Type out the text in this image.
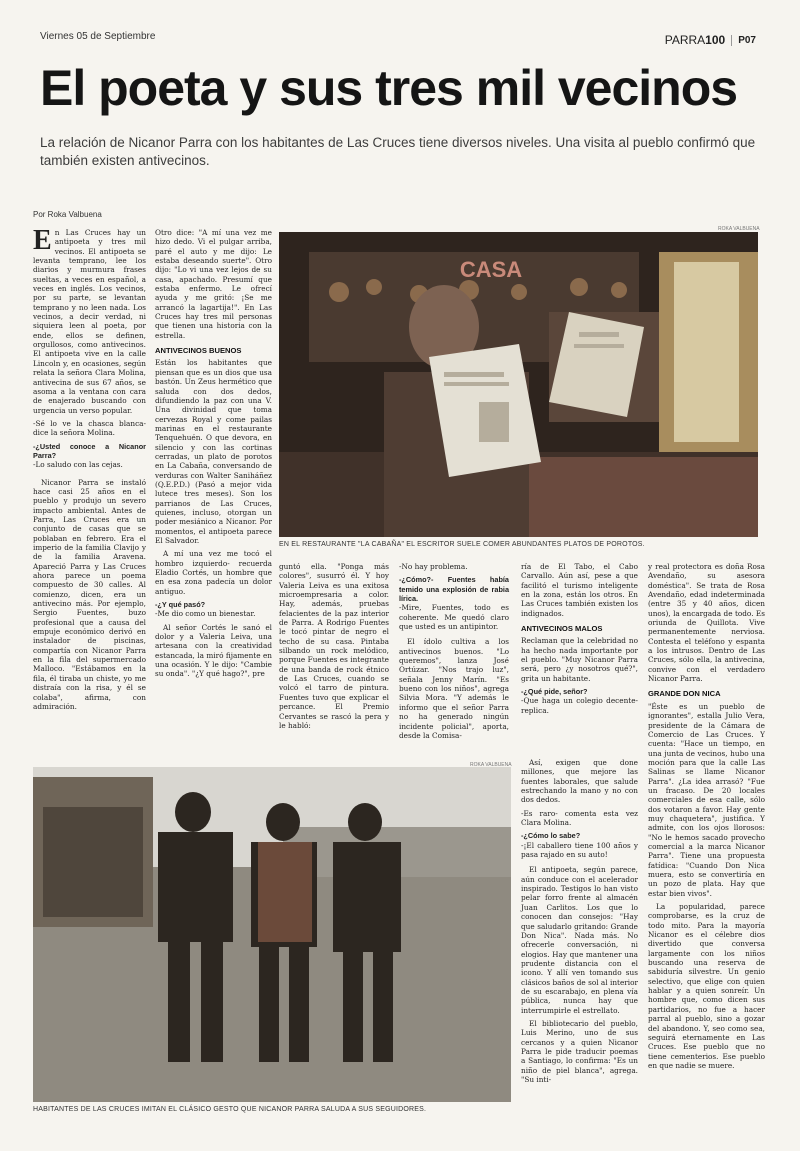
Viernes 05 de Septiembre	PARRA100	P07
El poeta y sus tres mil vecinos
La relación de Nicanor Parra con los habitantes de Las Cruces tiene diversos niveles. Una visita al pueblo confirmó que también existen antivecinos.
Por Roka Valbuena

En Las Cruces hay un antipoeta y tres mil vecinos. El antipoeta se levanta temprano, lee los diarios y murmura frases sueltas, a veces en español, a veces en inglés. Los vecinos, por su parte, se levantan temprano y no leen nada. Los vecinos, a decir verdad, ni siquiera leen al poeta, por ende, ellos se definen, orgullosos, como antivecinos. El antipoeta vive en la calle Lincoln y, en ocasiones, según relata la señora Clara Molina, antivecina de sus 67 años, se asoma a la ventana con cara de enajerado buscando con urgencia un verso popular.

-Sé lo ve la chasca blanca- dice la señora Molina.

-¿Usted conoce a Nicanor Parra?

-Lo saludo con las cejas.

Nicanor Parra se instaló hace casi 25 años en el pueblo y produjo un severo impacto ambiental. Antes de Parra, Las Cruces era un conjunto de casas que se poblaban en febrero. Era el imperio de la familia Clavijo y de la familia Aravena. Apareció Parra y Las Cruces ahora parece un poema compuesto de 30 calles. Al comienzo, dicen, era un antivecino más. Por ejemplo, Sergio Fuentes, buzo profesional que a causa del empuje económico derivó en instalador de piscinas, compartía con Nicanor Parra en la fila del supermercado Malloco. "Estábamos en la fila, él tiraba un chiste, yo me distraía con la risa, y él se colaba", afirma, con admiración.

CASA
ROKA VALBUENA
EN EL RESTAURANTE "LA CABAÑA" EL ESCRITOR SUELE COMER ABUNDANTES PLATOS DE POROTOS.

Otro dice: "A mí una vez me hizo dedo. Vi el pulgar arriba, paré el auto y me dijo: Le estaba deseando suerte". Otro dijo: "Lo vi una vez lejos de su casa, apachado. Presumí que estaba enfermo. Le ofrecí ayuda y me gritó: ¡Se me arrancó la lagartija!". En Las Cruces hay tres mil personas que tienen una historia con la estrella.

ANTIVECINOS BUENOS

Están los habitantes que piensan que es un dios que usa bastón. Un Zeus hermético que saluda con dos dedos, difundiendo la paz con una V. Una divinidad que toma cervezas Royal y come pailas marinas en el restaurante Tenquehuén. O que devora, en silencio y con las cortinas cerradas, un plato de porotos en La Cabaña, conversando de verduras con Walter Saniháñez (Q.E.P.D.) (Pasó a mejor vida lutece tres meses). Son los parrianos de Las Cruces, quienes, incluso, otorgan un poder mesiánico a Nicanor. Por momentos, el antipoeta parece El Salvador.

A mí una vez me tocó el hombro izquierdo- recuerda Eladio Cortés, un hombre que en esa zona padecía un dolor antiguo.

-¿Y qué pasó?

-Me dio como un bienestar.

Al señor Cortés le sanó el dolor y a Valeria Leiva, una artesana con la creatividad estancada, la miró fijamente en una ocasión. Y le dijo: "Cambie su onda". "¿Y qué hago?", pre

guntó ella. "Ponga más colores", susurró él. Y hoy Valeria Leiva es una exitosa microempresaria a color. Hay, además, pruebas felacientes de la paz interior de Parra. A Rodrigo Fuentes le tocó pintar de negro el techo de su casa. Pintaba silbando un rock melódico, porque Fuentes es integrante de una banda de rock étnico de Las Cruces, cuando se volcó el tarro de pintura. Fuentes tuvo que explicar el percance. El Premio Cervantes se rascó la pera y le habló:

-No hay problema.

-¿Cómo?- Fuentes había temido una explosión de rabia lírica.

-Mire, Fuentes, todo es coherente. Me quedó claro que usted es un antipintor.

El ídolo cultiva a los antivecinos buenos. "Lo queremos", lanza José Ortúzar. "Nos trajo luz", señala Jenny Marín. "Es bueno con los niños", agrega Silvia Mora. "Y además le informo que el señor Parra no ha generado ningún incidente policial", aporta, desde la Comisa-

ría de El Tabo, el Cabo Carvallo. Aún así, pese a que facilitó el turismo inteligente en la zona, están los otros. En Las Cruces también existen los indignados.

ANTIVECINOS MALOS

Reclaman que la celebridad no ha hecho nada importante por el pueblo. "Muy Nicanor Parra será, pero ¿y nosotros qué?", grita un habitante.

-¿Qué pide, señor?

-Que haga un colegio decente- replica.

Así, exigen que done millones, que mejore las fuentes laborales, que salude estrechando la mano y no con dos dedos.

-Es raro- comenta esta vez Clara Molina.

-¿Cómo lo sabe?

-¡El caballero tiene 100 años y pasa rajado en su auto!

El antipoeta, según parece, aún conduce con el acelerador inspirado. Testigos lo han visto pelar forro frente al almacén Juan Carlitos. Los que lo conocen dan consejos: "Hay que saludarlo gritando: Grande Don Nica". Nada más. No ofrecerle conversación, ni elogios. Hay que mantener una prudente distancia con el icono. Y allí ven tomando sus clásicos baños de sol al interior de su escarabajo, en plena vía pública, nunca hay que interrumpirle el estrellato.

El bibliotecario del pueblo, Luis Merino, uno de sus cercanos y a quien Nicanor Parra le pide traducir poemas a Santiago, lo confirma: "Es un niño de piel blanca", agrega. "Su inti-

y real protectora es doña Rosa Avendaño, su asesora doméstica". Se trata de Rosa Avendaño, edad indeterminada (entre 35 y 40 años, dicen unos), la encargada de todo. Es oriunda de Quillota. Vive permanentemente nerviosa. Contesta el teléfono y espanta a los intrusos. Dentro de Las Cruces, sólo ella, la antivecina, convive con el verdadero Nicanor Parra.

GRANDE DON NICA

"Éste es un pueblo de ignorantes", estalla Julio Vera, presidente de la Cámara de Comercio de Las Cruces. Y cuenta: "Hace un tiempo, en una junta de vecinos, hubo una moción para que la calle Las Salinas se llame Nicanor Parra". ¿La idea arrasó? "Fue un fracaso. De 20 locales comerciales de esa calle, sólo dos votaron a favor. Hay gente muy chaquetera", justifica. Y admite, con los ojos llorosos: "No le hemos sacado provecho comercial a la marca Nicanor Parra". Tiene una propuesta fatídica: "Cuando Don Nica muera, esto se convertiría en un pozo de plata. Hay que estar bien vivos".

La popularidad, parece comprobarse, es la cruz de todo mito. Para la mayoría Nicanor es el célebre dios divertido que conversa largamente con los niños buscando una reserva de sabiduría silvestre. Un genio selectivo, que elige con quien hablar y a quien sonreír. Un hombre que, como dicen sus partidarios, no fue a hacer parral al pueblo, sino a gozar del abandono. Y, seo como sea, seguirá eternamente en Las Cruces. Ese pueblo que no tiene cementerios. Ese pueblo en que nadie se muere.

ROKA VALBUENA
HABITANTES DE LAS CRUCES IMITAN EL CLÁSICO GESTO QUE NICANOR PARRA SALUDA A SUS SEGUIDORES.
